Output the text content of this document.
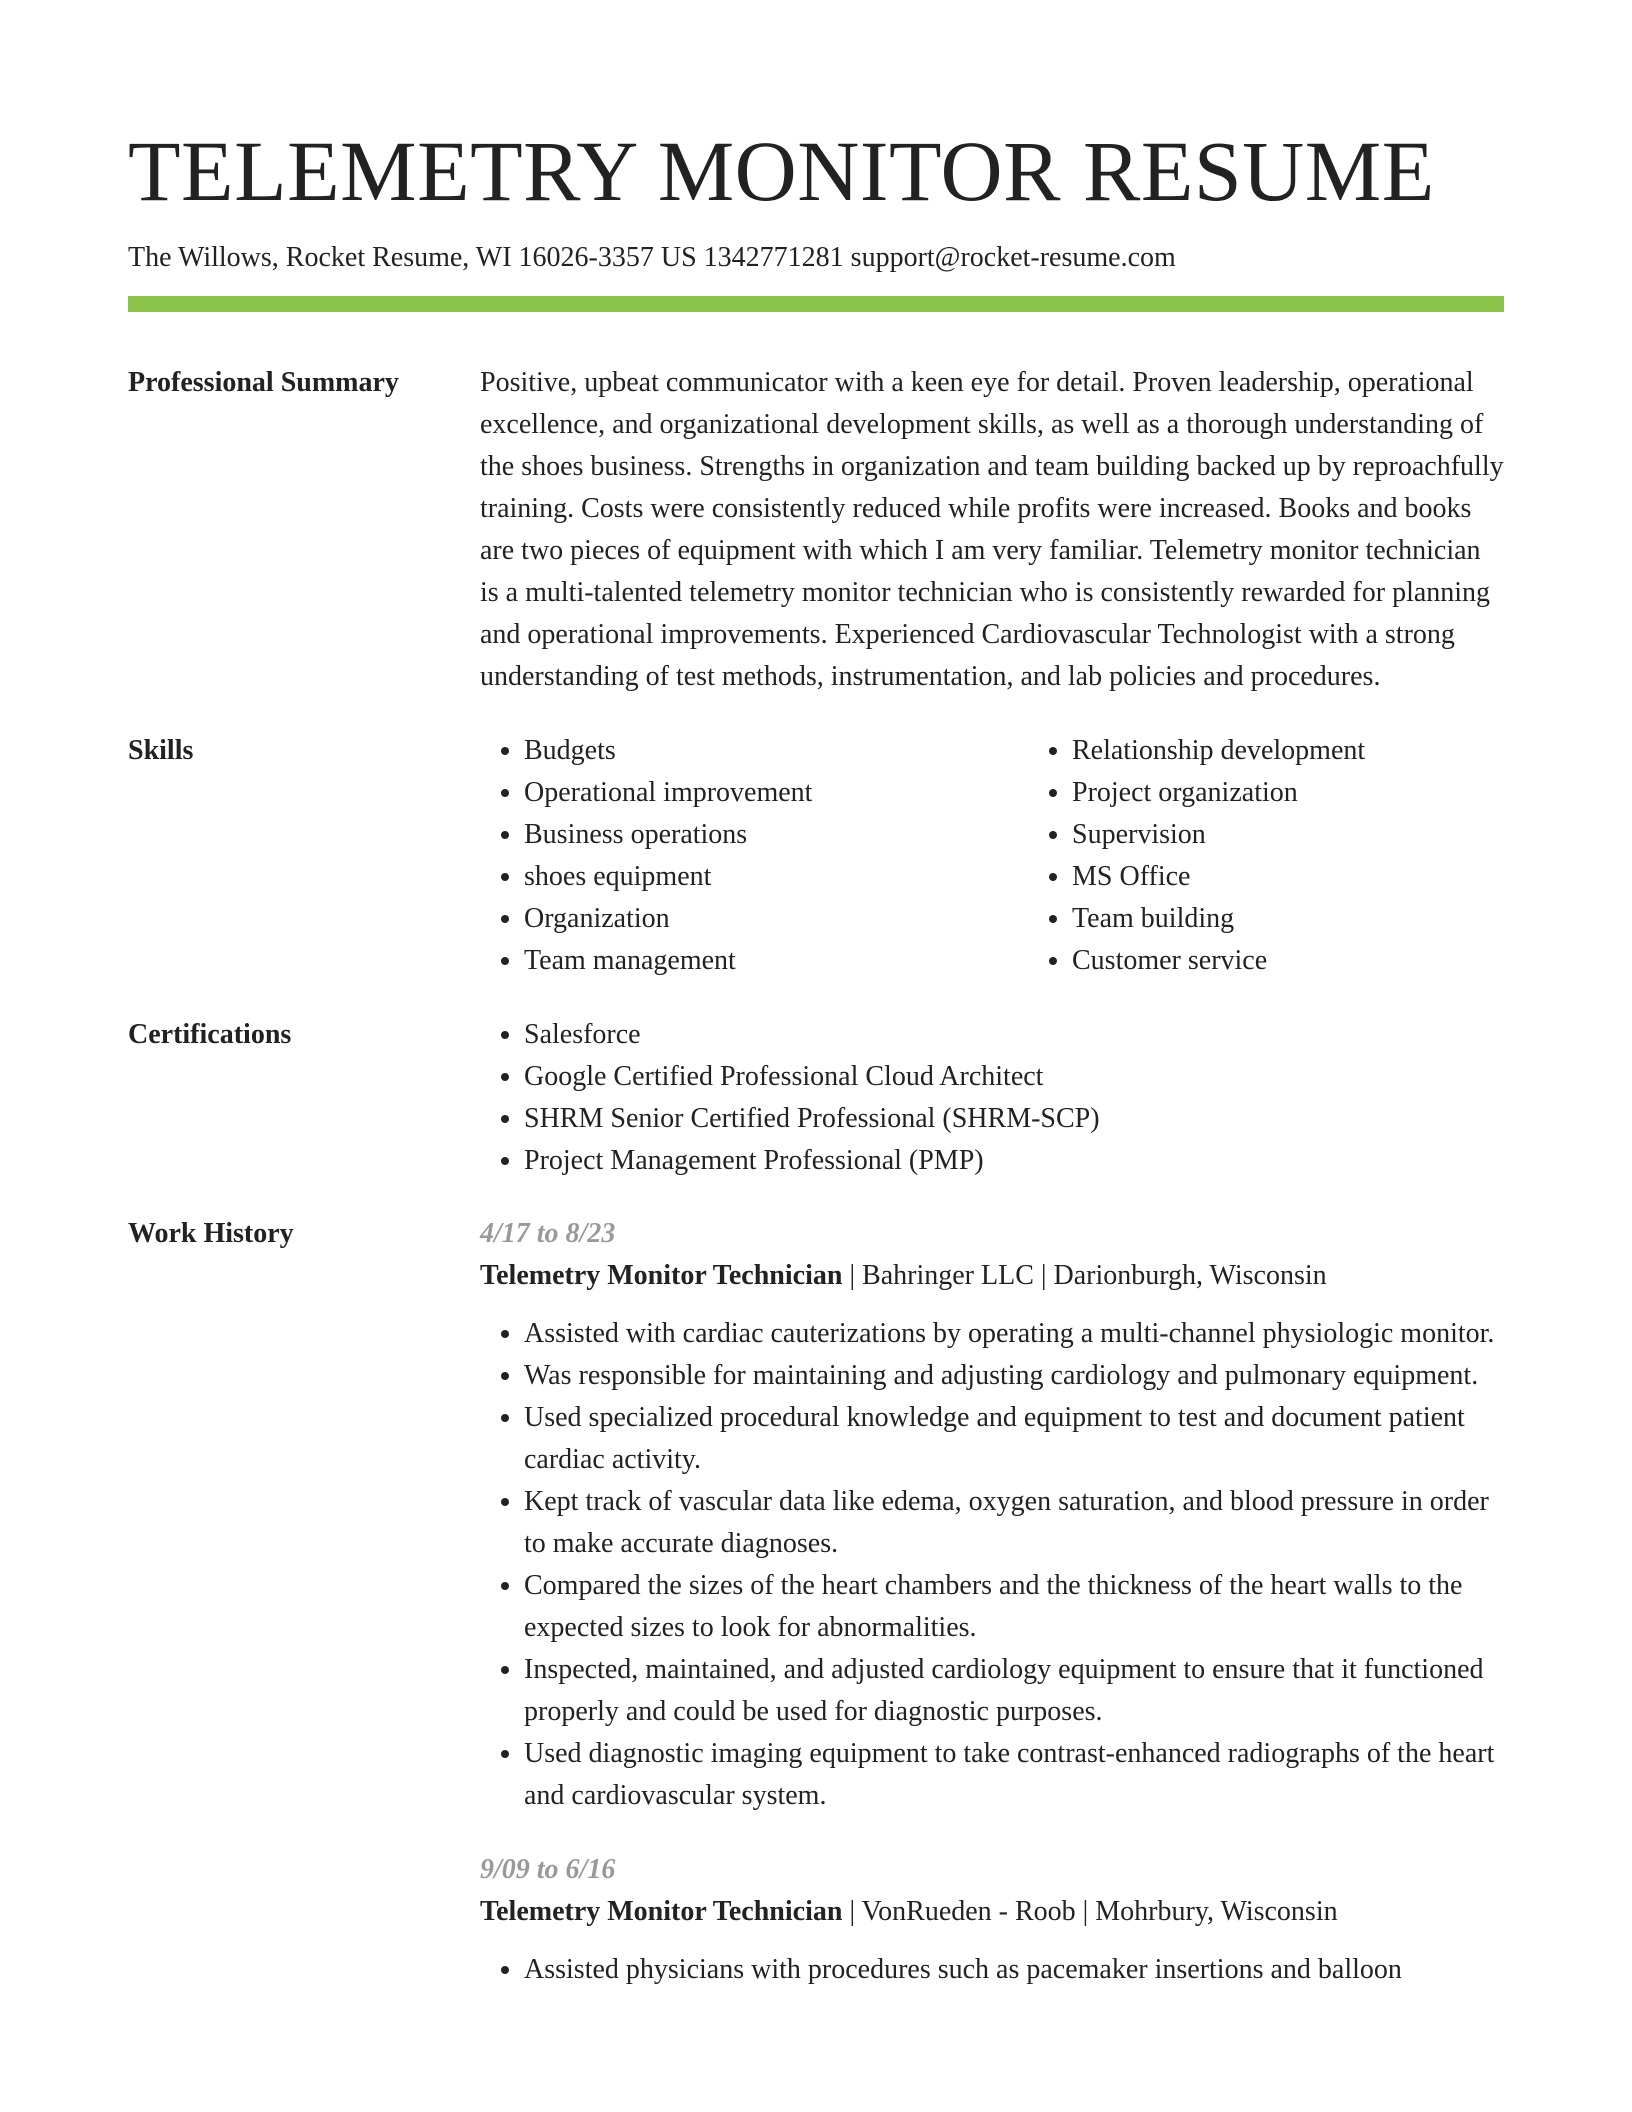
TELEMETRY MONITOR RESUME
The Willows, Rocket Resume, WI 16026-3357 US 1342771281 support@rocket-resume.com
Professional Summary	Positive, upbeat communicator with a keen eye for detail. Proven leadership, operational excellence, and organizational development skills, as well as a thorough understanding of the shoes business. Strengths in organization and team building backed up by reproachfully training. Costs were consistently reduced while profits were increased. Books and books are two pieces of equipment with which I am very familiar. Telemetry monitor technician is a multi-talented telemetry monitor technician who is consistently rewarded for planning and operational improvements. Experienced Cardiovascular Technologist with a strong understanding of test methods, instrumentation, and lab policies and procedures.
Skills	• Budgets
• Operational improvement
• Business operations
• shoes equipment
• Organization
• Team management
• Relationship development
• Project organization
• Supervision
• MS Office
• Team building
• Customer service
Certifications	• Salesforce
• Google Certified Professional Cloud Architect
• SHRM Senior Certified Professional (SHRM-SCP)
• Project Management Professional (PMP)
Work History	4/17 to 8/23
Telemetry Monitor Technician | Bahringer LLC | Darionburgh, Wisconsin
• Assisted with cardiac cauterizations by operating a multi-channel physiologic monitor.
• Was responsible for maintaining and adjusting cardiology and pulmonary equipment.
• Used specialized procedural knowledge and equipment to test and document patient cardiac activity.
• Kept track of vascular data like edema, oxygen saturation, and blood pressure in order to make accurate diagnoses.
• Compared the sizes of the heart chambers and the thickness of the heart walls to the expected sizes to look for abnormalities.
• Inspected, maintained, and adjusted cardiology equipment to ensure that it functioned properly and could be used for diagnostic purposes.
• Used diagnostic imaging equipment to take contrast-enhanced radiographs of the heart and cardiovascular system.
9/09 to 6/16
Telemetry Monitor Technician | VonRueden - Roob | Mohrbury, Wisconsin
• Assisted physicians with procedures such as pacemaker insertions and balloon
